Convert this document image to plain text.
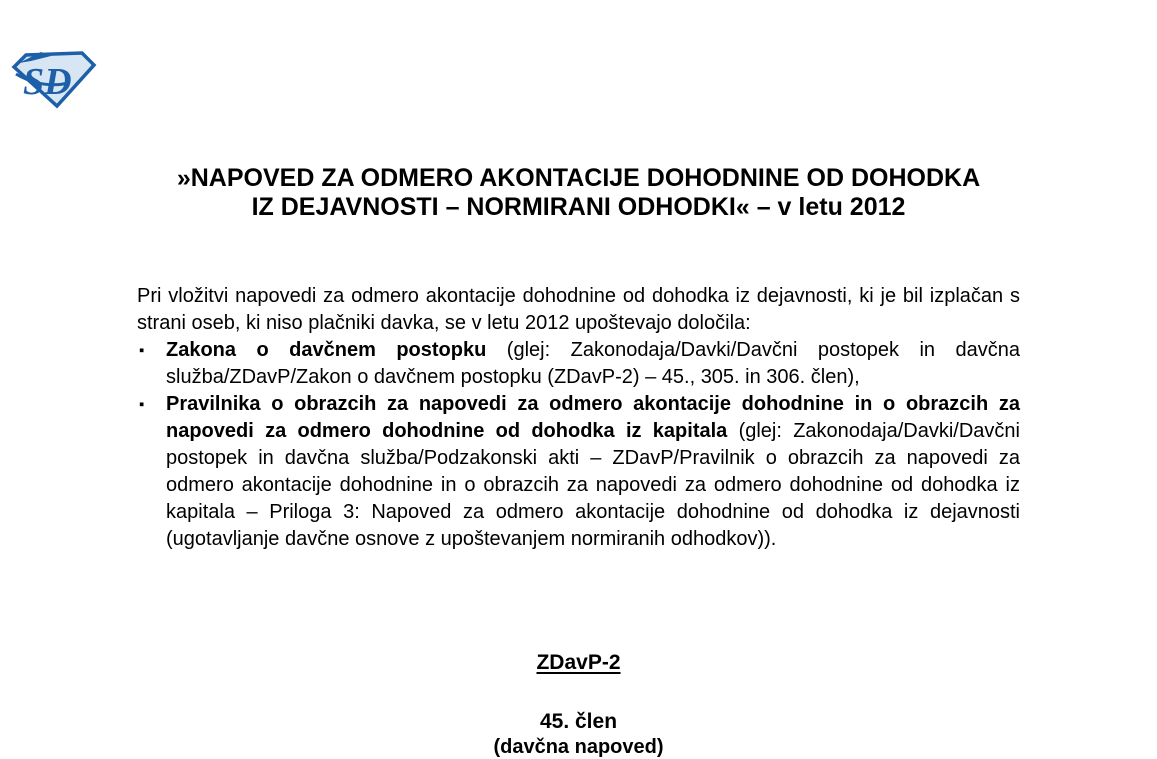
SD
»NAPOVED ZA ODMERO AKONTACIJE DOHODNINE OD DOHODKA
IZ DEJAVNOSTI – NORMIRANI ODHODKI« – v letu 2012

Pri vložitvi napovedi za odmero akontacije dohodnine od dohodka iz dejavnosti, ki je bil izplačan s strani oseb, ki niso plačniki davka, se v letu 2012 upoštevajo določila:

▪ Zakona o davčnem postopku (glej: Zakonodaja/Davki/Davčni postopek in davčna služba/ZDavP/Zakon o davčnem postopku (ZDavP-2) – 45., 305. in 306. člen),
▪ Pravilnika o obrazcih za napovedi za odmero akontacije dohodnine in o obrazcih za napovedi za odmero dohodnine od dohodka iz kapitala (glej: Zakonodaja/Davki/Davčni postopek in davčna služba/Podzakonski akti – ZDavP/Pravilnik o obrazcih za napovedi za odmero akontacije dohodnine in o obrazcih za napovedi za odmero dohodnine od dohodka iz kapitala – Priloga 3: Napoved za odmero akontacije dohodnine od dohodka iz dejavnosti (ugotavljanje davčne osnove z upoštevanjem normiranih odhodkov)).
ZDavP-2
45. člen
(davčna napoved)
